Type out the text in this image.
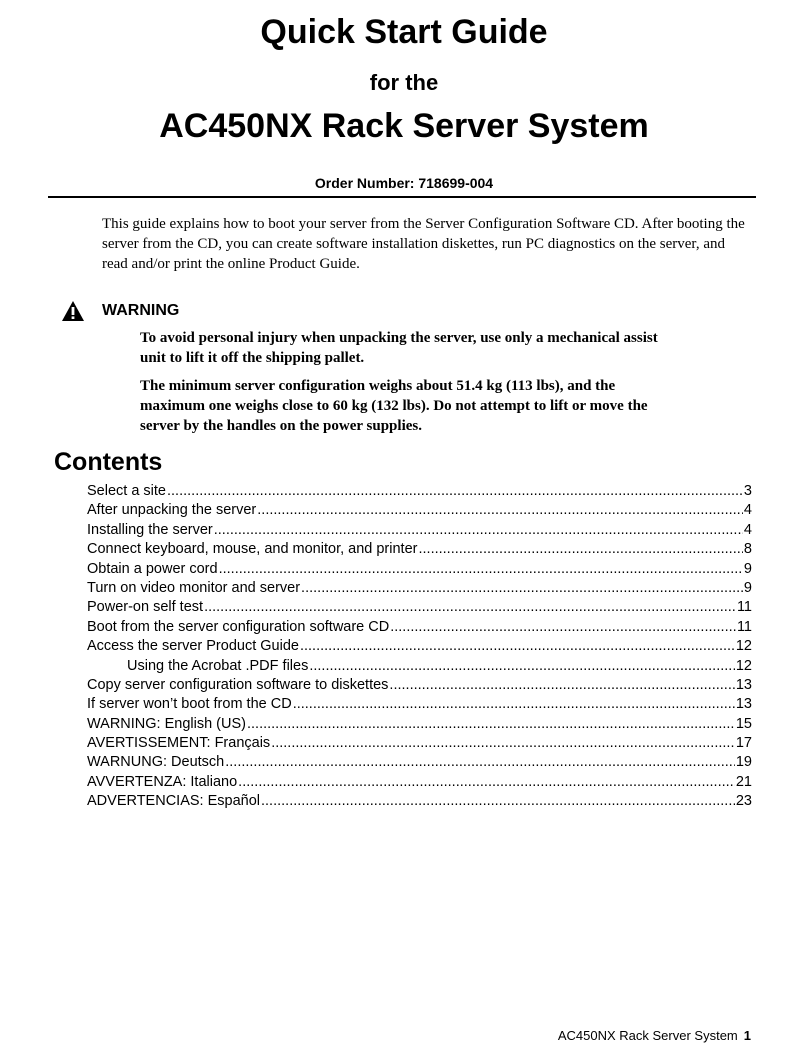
Quick Start Guide
for the
AC450NX Rack Server System
Order Number: 718699-004
This guide explains how to boot your server from the Server Configuration Software CD. After booting the server from the CD, you can create software installation diskettes, run PC diagnostics on the server, and read and/or print the online Product Guide.
WARNING
To avoid personal injury when unpacking the server, use only a mechanical assist unit to lift it off the shipping pallet.
The minimum server configuration weighs about 51.4 kg (113 lbs), and the maximum one weighs close to 60 kg (132 lbs). Do not attempt to lift or move the server by the handles on the power supplies.
Contents
Select a site .....	3
After unpacking the server .....	4
Installing the server .....	4
Connect keyboard, mouse, and monitor, and printer .....	8
Obtain a power cord .....	9
Turn on video monitor and server .....	9
Power-on self test .....	11
Boot from the server configuration software CD .....	11
Access the server Product Guide .....	12
Using the Acrobat .PDF files .....	12
Copy server configuration software to diskettes .....	13
If server won’t boot from the CD .....	13
WARNING: English (US) .....	15
AVERTISSEMENT: Français .....	17
WARNUNG: Deutsch .....	19
AVVERTENZA: Italiano .....	21
ADVERTENCIAS: Español .....	23
AC450NX Rack Server System 1
